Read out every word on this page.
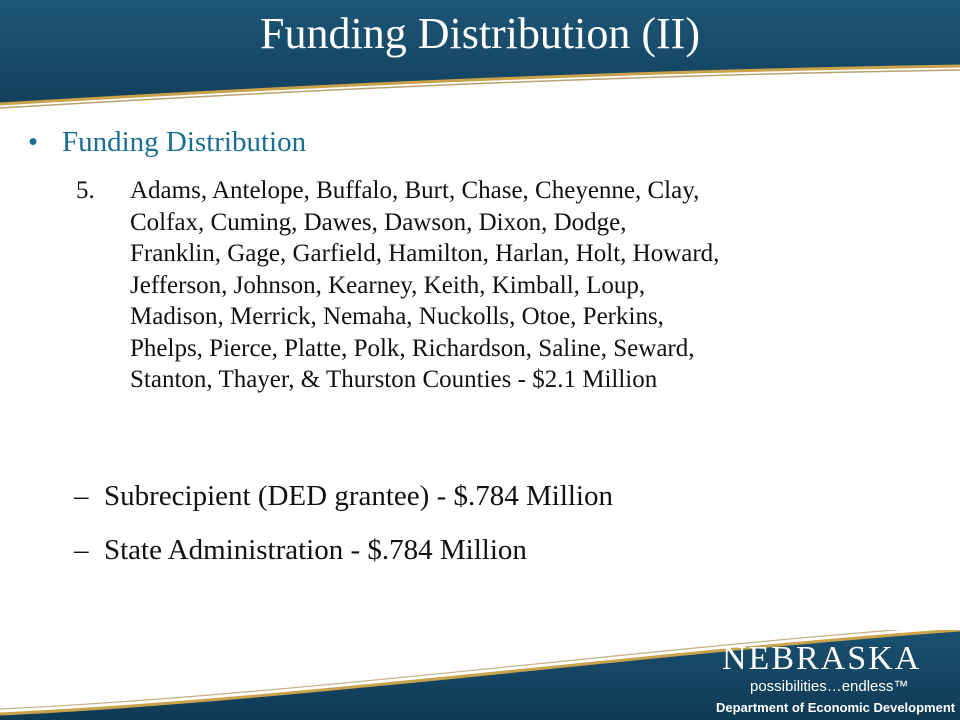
Funding Distribution (II)
• Funding Distribution
5. Adams, Antelope, Buffalo, Burt, Chase, Cheyenne, Clay,
Colfax, Cuming, Dawes, Dawson, Dixon, Dodge,
Franklin, Gage, Garfield, Hamilton, Harlan, Holt, Howard,
Jefferson, Johnson, Kearney, Keith, Kimball, Loup,
Madison, Merrick, Nemaha, Nuckolls, Otoe, Perkins,
Phelps, Pierce, Platte, Polk, Richardson, Saline, Seward,
Stanton, Thayer, & Thurston Counties - $2.1 Million
– Subrecipient (DED grantee) - $.784 Million
– State Administration - $.784 Million
NEBRASKA
possibilities…endless™
Department of Economic Development
